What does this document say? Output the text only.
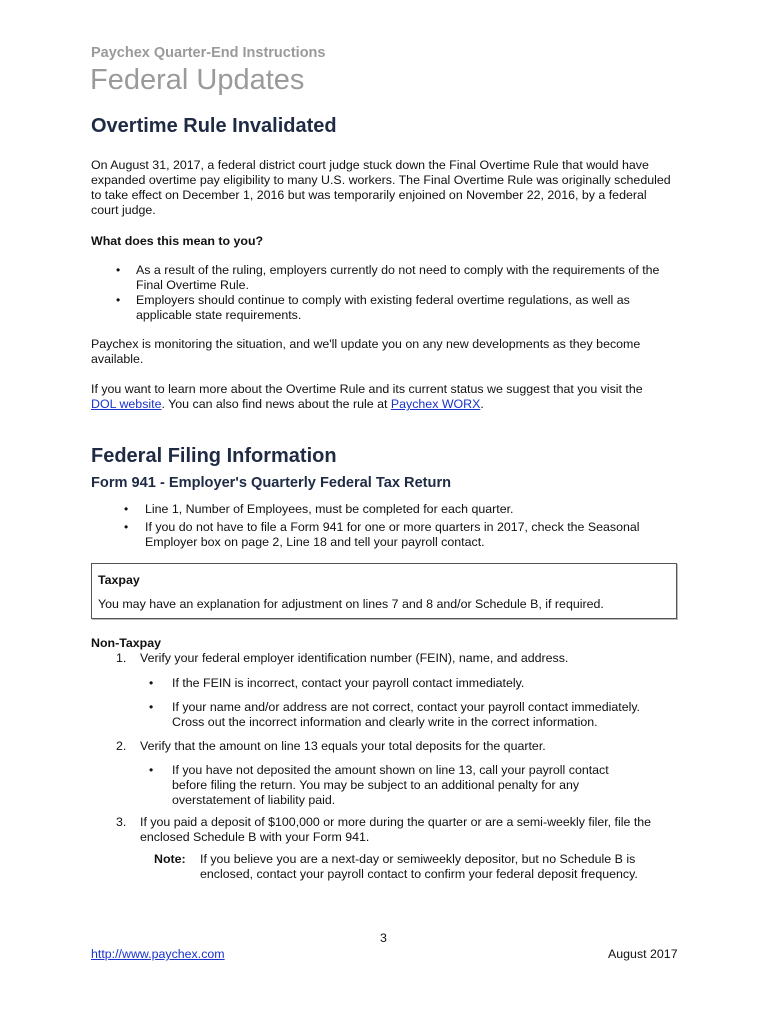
Paychex Quarter-End Instructions
Federal Updates
Overtime Rule Invalidated
On August 31, 2017, a federal district court judge stuck down the Final Overtime Rule that would have
expanded overtime pay eligibility to many U.S. workers. The Final Overtime Rule was originally scheduled
to take effect on December 1, 2016 but was temporarily enjoined on November 22, 2016, by a federal
court judge.
What does this mean to you?
• As a result of the ruling, employers currently do not need to comply with the requirements of the
Final Overtime Rule.
• Employers should continue to comply with existing federal overtime regulations, as well as
applicable state requirements.
Paychex is monitoring the situation, and we'll update you on any new developments as they become
available.
If you want to learn more about the Overtime Rule and its current status we suggest that you visit the
DOL website. You can also find news about the rule at Paychex WORX.
Federal Filing Information
Form 941 - Employer's Quarterly Federal Tax Return
• Line 1, Number of Employees, must be completed for each quarter.
• If you do not have to file a Form 941 for one or more quarters in 2017, check the Seasonal
Employer box on page 2, Line 18 and tell your payroll contact.
Taxpay
You may have an explanation for adjustment on lines 7 and 8 and/or Schedule B, if required.
Non-Taxpay
1. Verify your federal employer identification number (FEIN), name, and address.
• If the FEIN is incorrect, contact your payroll contact immediately.
• If your name and/or address are not correct, contact your payroll contact immediately.
Cross out the incorrect information and clearly write in the correct information.
2. Verify that the amount on line 13 equals your total deposits for the quarter.
• If you have not deposited the amount shown on line 13, call your payroll contact
before filing the return. You may be subject to an additional penalty for any
overstatement of liability paid.
3. If you paid a deposit of $100,000 or more during the quarter or are a semi-weekly filer, file the
enclosed Schedule B with your Form 941.
Note: If you believe you are a next-day or semiweekly depositor, but no Schedule B is
enclosed, contact your payroll contact to confirm your federal deposit frequency.
3
http://www.paychex.com	August 2017
